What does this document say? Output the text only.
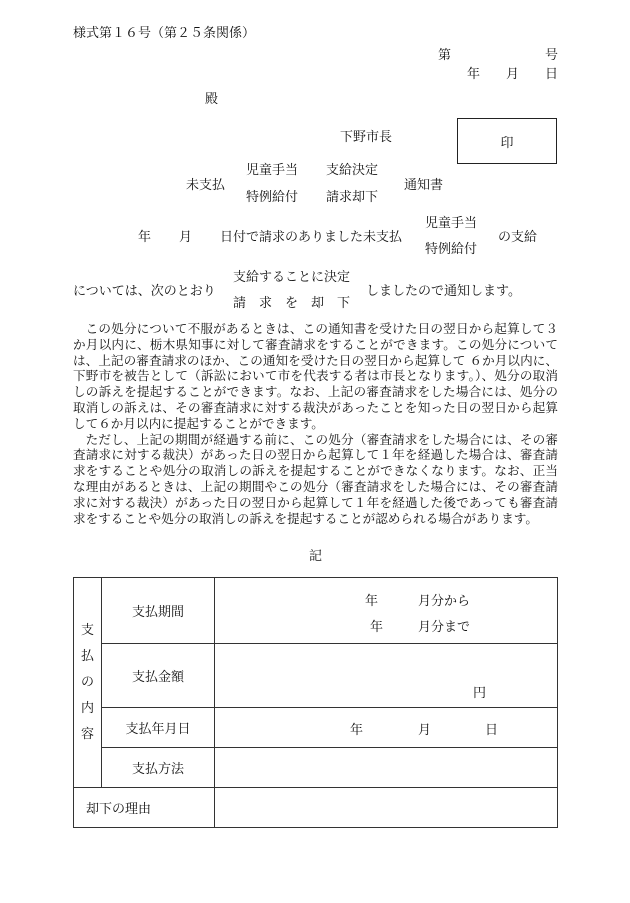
様式第１６号（第２５条関係）
第	号
年 月 日
殿
下野市長	印
未支払
児童手当 支給決定
特例給付 請求却下
通知書
年 月 日付で請求のありました未支払
児童手当
特例給付
の支給
については、次のとおり
支給することに決定
請　求　を　却　下
しましたので通知します。

この処分について不服があるときは、この通知書を受けた日の翌日から起算して３か月以内に、栃木県知事に対して審査請求をすることができます。この処分については、上記の審査請求のほか、この通知を受けた日の翌日から起算して ６か月以内に、下野市を被告として（訴訟において市を代表する者は市長となります。）、処分の取消しの訴えを提起することができます。なお、上記の審査請求をした場合には、処分の取消しの訴えは、その審査請求に対する裁決があったことを知った日の翌日から起算して６か月以内に提起することができます。

ただし、上記の期間が経過する前に、この処分（審査請求をした場合には、その審査請求に対する裁決）があった日の翌日から起算して１年を経過した場合は、審査請求をすることや処分の取消しの訴えを提起することができなくなります。なお、正当な理由があるときは、上記の期間やこの処分（審査請求をした場合には、その審査請求に対する裁決）があった日の翌日から起算して１年を経過した後であっても審査請求をすることや処分の取消しの訴えを提起することが認められる場合があります。

記
支
払
の
内
容	支払期間	年 月分から
年 月分まで

	支払金額	円

	支払年月日	年 月 日

	支払方法	
却下の理由		
